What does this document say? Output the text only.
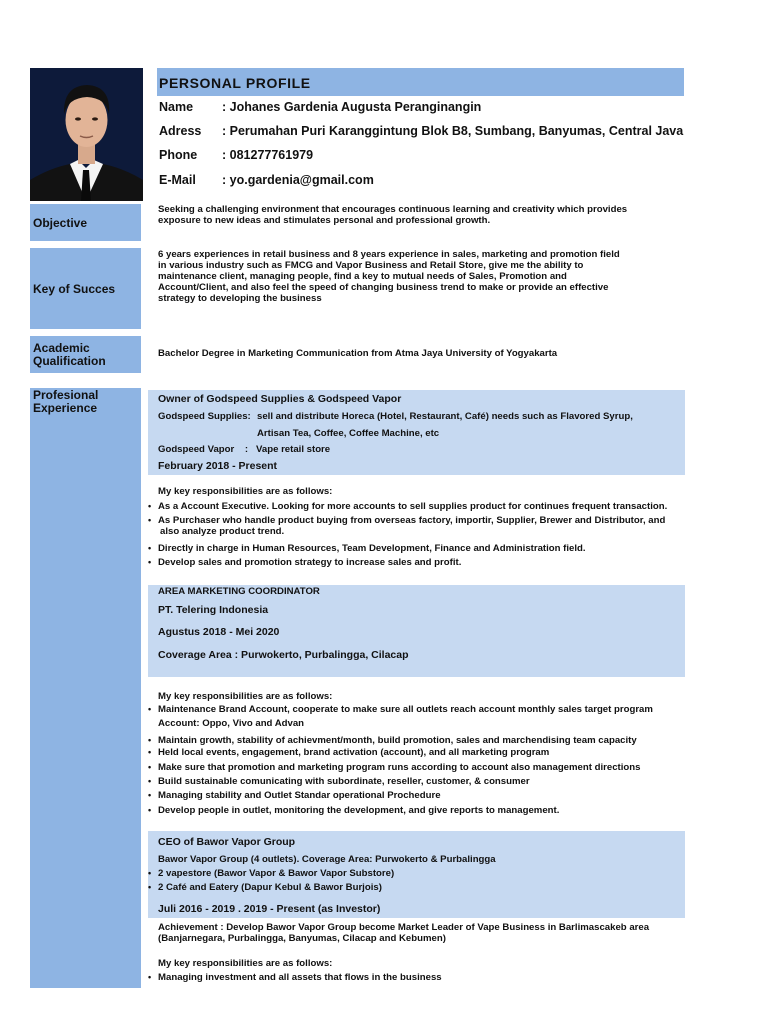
PERSONAL PROFILE
Name : Johanes Gardenia Augusta Peranginangin
Adress : Perumahan Puri Karanggintung Blok B8, Sumbang, Banyumas, Central Java
Phone : 081277761979
E-Mail : yo.gardenia@gmail.com
Objective
Key of Succes
Academic
Qualification
Profesional
Experience
Seeking a challenging environment that encourages continuous learning and creativity which provides
exposure to new ideas and stimulates personal and professional growth.
6 years experiences in retail business and 8 years experience in sales, marketing and promotion field
in various industry such as FMCG and Vapor Business and Retail Store, give me the ability to
maintenance client, managing people, find a key to mutual needs of Sales, Promotion and
Account/Client, and also feel the speed of changing business trend to make or provide an effective
strategy to developing the business
Bachelor Degree in Marketing Communication from Atma Jaya University of Yogyakarta
Owner of Godspeed Supplies & Godspeed Vapor
Godspeed Supplies: sell and distribute Horeca (Hotel, Restaurant, Café) needs such as Flavored Syrup,
Artisan Tea, Coffee, Coffee Machine, etc
Godspeed Vapor    : Vape retail store
February 2018 - Present
My key responsibilities are as follows:
• As a Account Executive. Looking for more accounts to sell supplies product for continues frequent transaction.
• As Purchaser who handle product buying from overseas factory, importir, Supplier, Brewer and Distributor, and
also analyze product trend.
• Directly in charge in Human Resources, Team Development, Finance and Administration field.
• Develop sales and promotion strategy to increase sales and profit.
AREA MARKETING COORDINATOR
PT. Telering Indonesia
Agustus 2018 - Mei 2020
Coverage Area : Purwokerto, Purbalingga, Cilacap
My key responsibilities are as follows:
• Maintenance Brand Account, cooperate to make sure all outlets reach account monthly sales target program
Account: Oppo, Vivo and Advan
• Maintain growth, stability of achievment/month, build promotion, sales and marchendising team capacity
• Held local events, engagement, brand activation (account), and all marketing program
• Make sure that promotion and marketing program runs according to account also management directions
• Build sustainable comunicating with subordinate, reseller, customer, & consumer
• Managing stability and Outlet Standar operational Prochedure
• Develop people in outlet, monitoring the development, and give reports to management.
CEO of Bawor Vapor Group
Bawor Vapor Group (4 outlets). Coverage Area: Purwokerto & Purbalingga
• 2 vapestore (Bawor Vapor & Bawor Vapor Substore)
• 2 Café and Eatery (Dapur Kebul & Bawor Burjois)
Juli 2016 - 2019 . 2019 - Present (as Investor)
Achievement : Develop Bawor Vapor Group become Market Leader of Vape Business in Barlimascakeb area
(Banjarnegara, Purbalingga, Banyumas, Cilacap and Kebumen)
My key responsibilities are as follows:
• Managing investment and all assets that flows in the business
